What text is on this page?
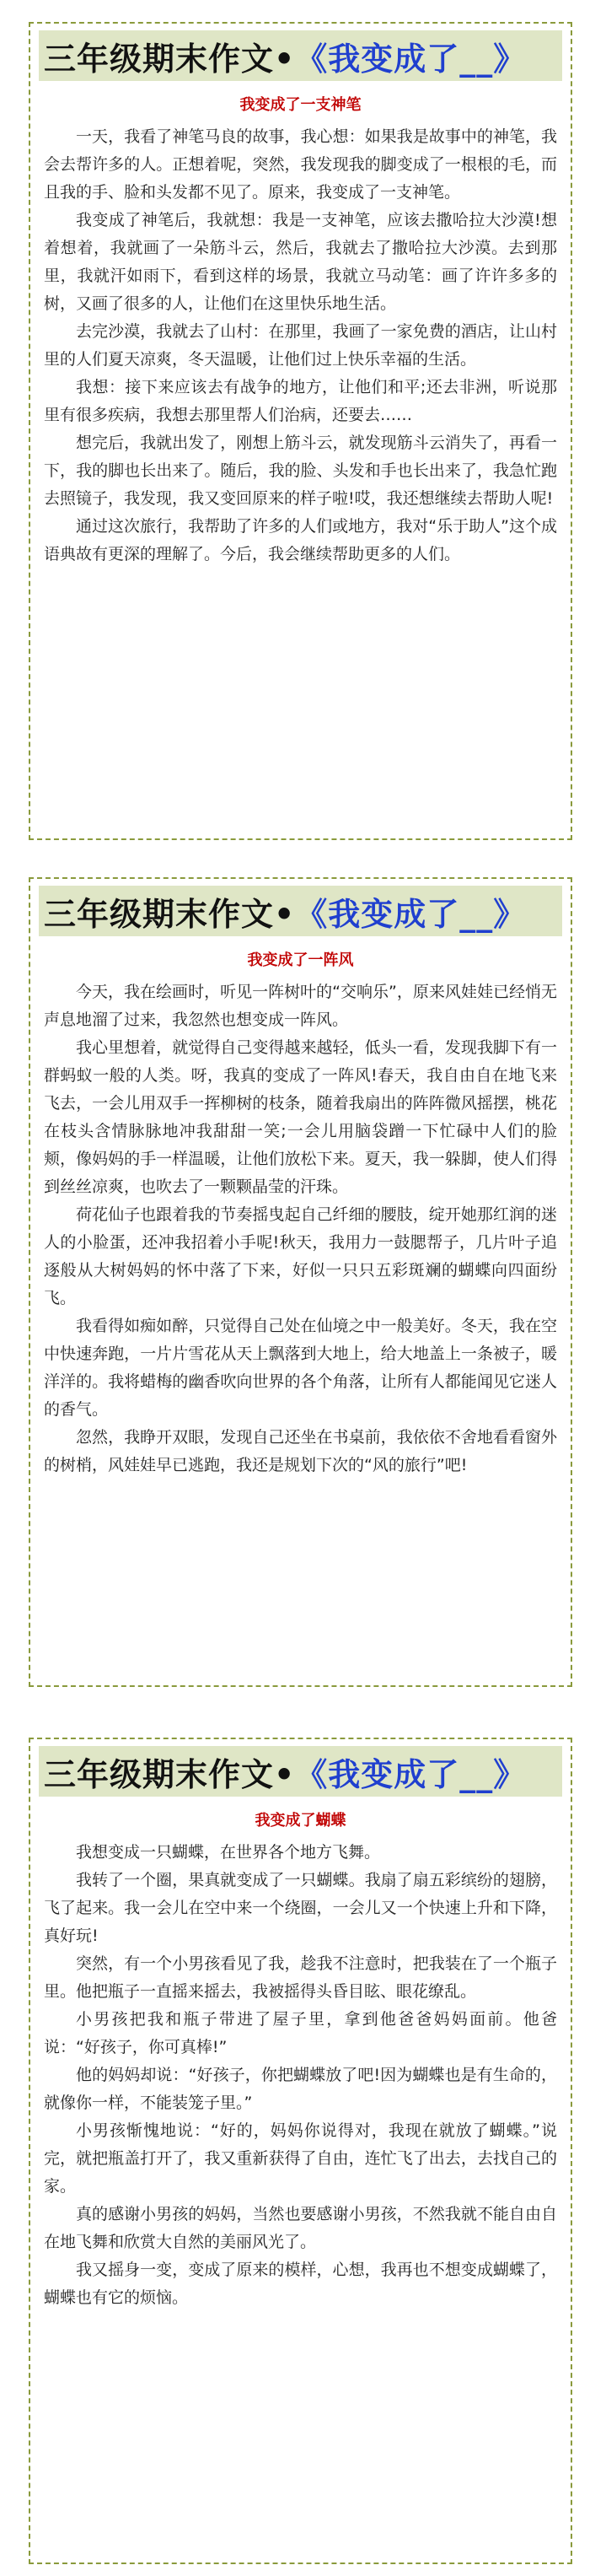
三年级期末作文• 《我变成了__》
我变成了一支神笔

一天，我看了神笔马良的故事，我心想：如果我是故事中的神笔，我会去帮许多的人。正想着呢，突然，我发现我的脚变成了一根根的毛，而且我的手、脸和头发都不见了。原来，我变成了一支神笔。

我变成了神笔后，我就想：我是一支神笔，应该去撒哈拉大沙漠!想着想着，我就画了一朵筋斗云，然后，我就去了撒哈拉大沙漠。去到那里，我就汗如雨下，看到这样的场景，我就立马动笔：画了许许多多的树，又画了很多的人，让他们在这里快乐地生活。

去完沙漠，我就去了山村：在那里，我画了一家免费的酒店，让山村里的人们夏天凉爽，冬天温暖，让他们过上快乐幸福的生活。

我想：接下来应该去有战争的地方，让他们和平;还去非洲，听说那里有很多疾病，我想去那里帮人们治病，还要去……

想完后，我就出发了，刚想上筋斗云，就发现筋斗云消失了，再看一下，我的脚也长出来了。随后，我的脸、头发和手也长出来了，我急忙跑去照镜子，我发现，我又变回原来的样子啦!哎，我还想继续去帮助人呢!

通过这次旅行，我帮助了许多的人们或地方，我对“乐于助人”这个成语典故有更深的理解了。今后，我会继续帮助更多的人们。

三年级期末作文• 《我变成了__》
我变成了一阵风

今天，我在绘画时，听见一阵树叶的“交响乐”，原来风娃娃已经悄无声息地溜了过来，我忽然也想变成一阵风。

我心里想着，就觉得自己变得越来越轻，低头一看，发现我脚下有一群蚂蚁一般的人类。呀，我真的变成了一阵风!春天，我自由自在地飞来飞去，一会儿用双手一挥柳树的枝条，随着我扇出的阵阵微风摇摆，桃花在枝头含情脉脉地冲我甜甜一笑;一会儿用脑袋蹭一下忙碌中人们的脸颊，像妈妈的手一样温暖，让他们放松下来。夏天，我一躲脚，使人们得到丝丝凉爽，也吹去了一颗颗晶莹的汗珠。

荷花仙子也跟着我的节奏摇曳起自己纤细的腰肢，绽开她那红润的迷人的小脸蛋，还冲我招着小手呢!秋天，我用力一鼓腮帮子，几片叶子追逐般从大树妈妈的怀中落了下来，好似一只只五彩斑斓的蝴蝶向四面纷飞。

我看得如痴如醉，只觉得自己处在仙境之中一般美好。冬天，我在空中快速奔跑，一片片雪花从天上飘落到大地上，给大地盖上一条被子，暖洋洋的。我将蜡梅的幽香吹向世界的各个角落，让所有人都能闻见它迷人的香气。

忽然，我睁开双眼，发现自己还坐在书桌前，我依依不舍地看看窗外的树梢，风娃娃早已逃跑，我还是规划下次的“风的旅行”吧!

三年级期末作文• 《我变成了__》
我变成了蝴蝶

我想变成一只蝴蝶，在世界各个地方飞舞。

我转了一个圈，果真就变成了一只蝴蝶。我扇了扇五彩缤纷的翅膀，飞了起来。我一会儿在空中来一个绕圈，一会儿又一个快速上升和下降，真好玩!

突然，有一个小男孩看见了我，趁我不注意时，把我装在了一个瓶子里。他把瓶子一直摇来摇去，我被摇得头昏目眩、眼花缭乱。

小男孩把我和瓶子带进了屋子里，拿到他爸爸妈妈面前。他爸说：“好孩子，你可真棒!”

他的妈妈却说：“好孩子，你把蝴蝶放了吧!因为蝴蝶也是有生命的，就像你一样，不能装笼子里。”

小男孩惭愧地说：“好的，妈妈你说得对，我现在就放了蝴蝶。”说完，就把瓶盖打开了，我又重新获得了自由，连忙飞了出去，去找自己的家。

真的感谢小男孩的妈妈，当然也要感谢小男孩，不然我就不能自由自在地飞舞和欣赏大自然的美丽风光了。

我又摇身一变，变成了原来的模样，心想，我再也不想变成蝴蝶了，蝴蝶也有它的烦恼。
